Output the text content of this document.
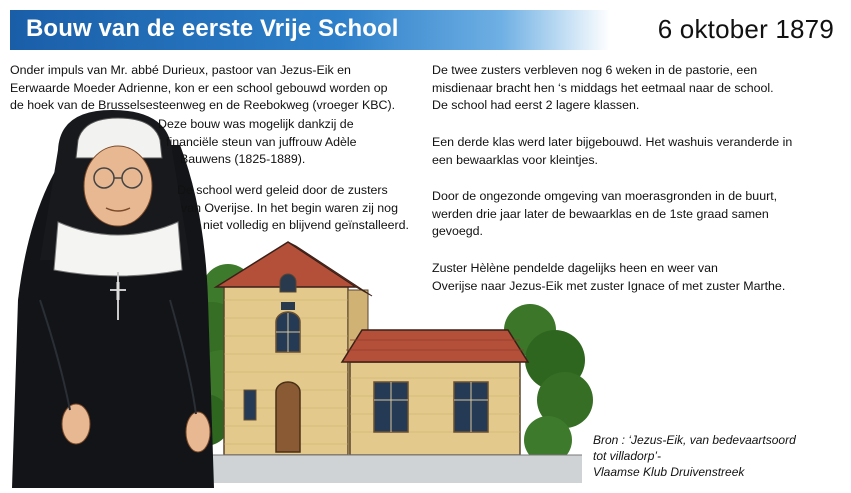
Bouw van de eerste Vrije School	6 oktober 1879
Onder impuls van Mr. abbé Durieux, pastoor van Jezus-Eik en
Eerwaarde Moeder Adrienne, kon er een school gebouwd worden op
de hoek van de Brusselsesteenweg en de Reebokweg (vroeger KBC).
Deze bouw was mogelijk dankzij de
financiële steun van juffrouw Adèle
Bauwens (1825-1889).
De school werd geleid door de zusters
van Overijse. In het begin waren zij nog
niet volledig en blijvend geïnstalleerd.
De twee zusters verbleven nog 6 weken in de pastorie, een
misdienaar bracht hen ‘s middags het eetmaal naar de school.
De school had eerst 2 lagere klassen.
Een derde klas werd later bijgebouwd. Het washuis veranderde in
een bewaarklas voor kleintjes.
Door de ongezonde omgeving van moerasgronden in de buurt,
werden drie jaar later de bewaarklas en de 1ste graad samen
gevoegd.
Zuster Hèlène pendelde dagelijks heen en weer van
Overijse naar Jezus-Eik met zuster Ignace of met zuster Marthe.
Bron : ‘Jezus-Eik, van bedevaartsoord
tot villadorp’-
Vlaamse Klub Druivenstreek
